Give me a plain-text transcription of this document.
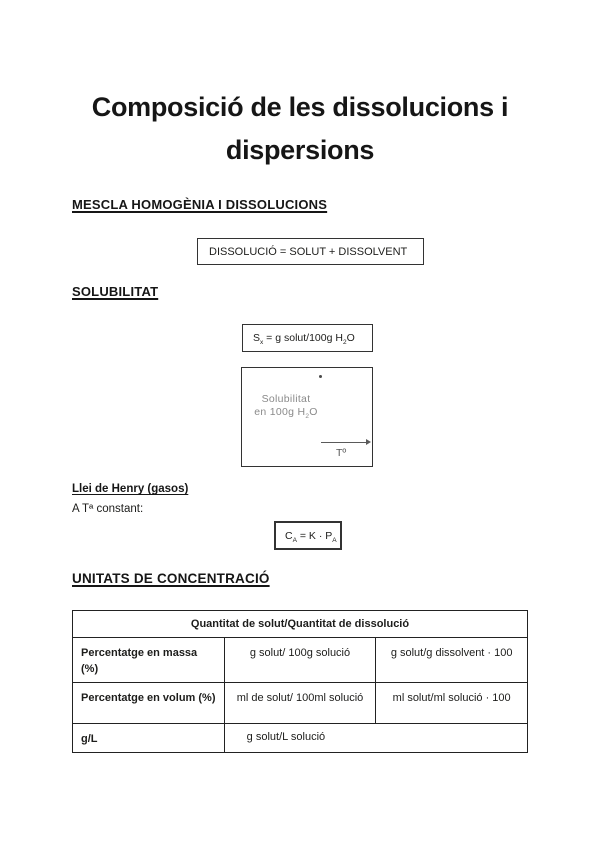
Composició de les dissolucions i
dispersions
MESCLA HOMOGÈNIA I DISSOLUCIONS
DISSOLUCIÓ = SOLUT + DISSOLVENT
SOLUBILITAT
$S_x = g$ solut/100g $H_2O$
Solubilitat
en 100g $H_2O$
Tº
Llei de Henry (gasos)
A Tª constant:
$C_A = K \cdot P_A$
UNITATS DE CONCENTRACIÓ
Quantitat de solut/Quantitat de dissolució		
Percentatge en massa (%)	g solut/ 100g solució	g solut/g dissolvent · 100
Percentatge en volum (%)	ml de solut/ 100ml solució	ml solut/ml solució · 100
g/L	g solut/L solució	
